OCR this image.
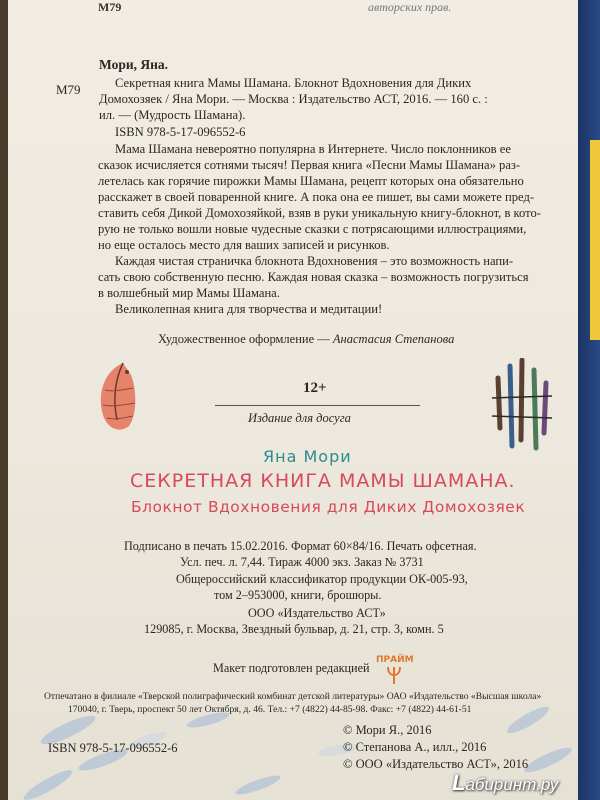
M79	авторских прав.
М79
Мори, Яна.
Секретная книга Мамы Шамана. Блокнот Вдохновения для Диких
Домохозяек / Яна Мори. — Москва : Издательство АСТ, 2016. — 160 с. :
ил. — (Мудрость Шамана).
ISBN 978-5-17-096552-6
Мама Шамана невероятно популярна в Интернете. Число поклонников ее
сказок исчисляется сотнями тысяч! Первая книга «Песни Мамы Шамана» раз-
летелась как горячие пирожки Мамы Шамана, рецепт которых она обязательно
расскажет в своей поваренной книге. А пока она ее пишет, вы сами можете пред-
ставить себя Дикой Домохозяйкой, взяв в руки уникальную книгу-блокнот, в кото-
рую не только вошли новые чудесные сказки с потрясающими иллюстрациями,
но еще осталось место для ваших записей и рисунков.
Каждая чистая страничка блокнота Вдохновения – это возможность напи-
сать свою собственную песню. Каждая новая сказка – возможность погрузиться
в волшебный мир Мамы Шамана.
Великолепная книга для творчества и медитации!
Художественное оформление — Анастасия Степанова
12+
Издание для досуга
Яна Мори
СЕКРЕТНАЯ КНИГА МАМЫ ШАМАНА.
Блокнот Вдохновения для Диких Домохозяек
Подписано в печать 15.02.2016. Формат 60×84/16. Печать офсетная.
Усл. печ. л. 7,44. Тираж 4000 экз. Заказ № 3731
Общероссийский классификатор продукции ОК-005-93,
том 2–953000, книги, брошюры.
ООО «Издательство АСТ»
129085, г. Москва, Звездный бульвар, д. 21, стр. 3, комн. 5
Макет подготовлен редакцией
ПРАЙМ
Отпечатано в филиале «Тверской полиграфический комбинат детской литературы» ОАО «Издательство «Высшая школа»
170040, г. Тверь, проспект 50 лет Октября, д. 46. Тел.: +7 (4822) 44-85-98. Факс: +7 (4822) 44-61-51
ISBN 978-5-17-096552-6
© Мори Я., 2016
© Степанова А., илл., 2016
© ООО «Издательство АСТ», 2016
Lабиринт.ру
